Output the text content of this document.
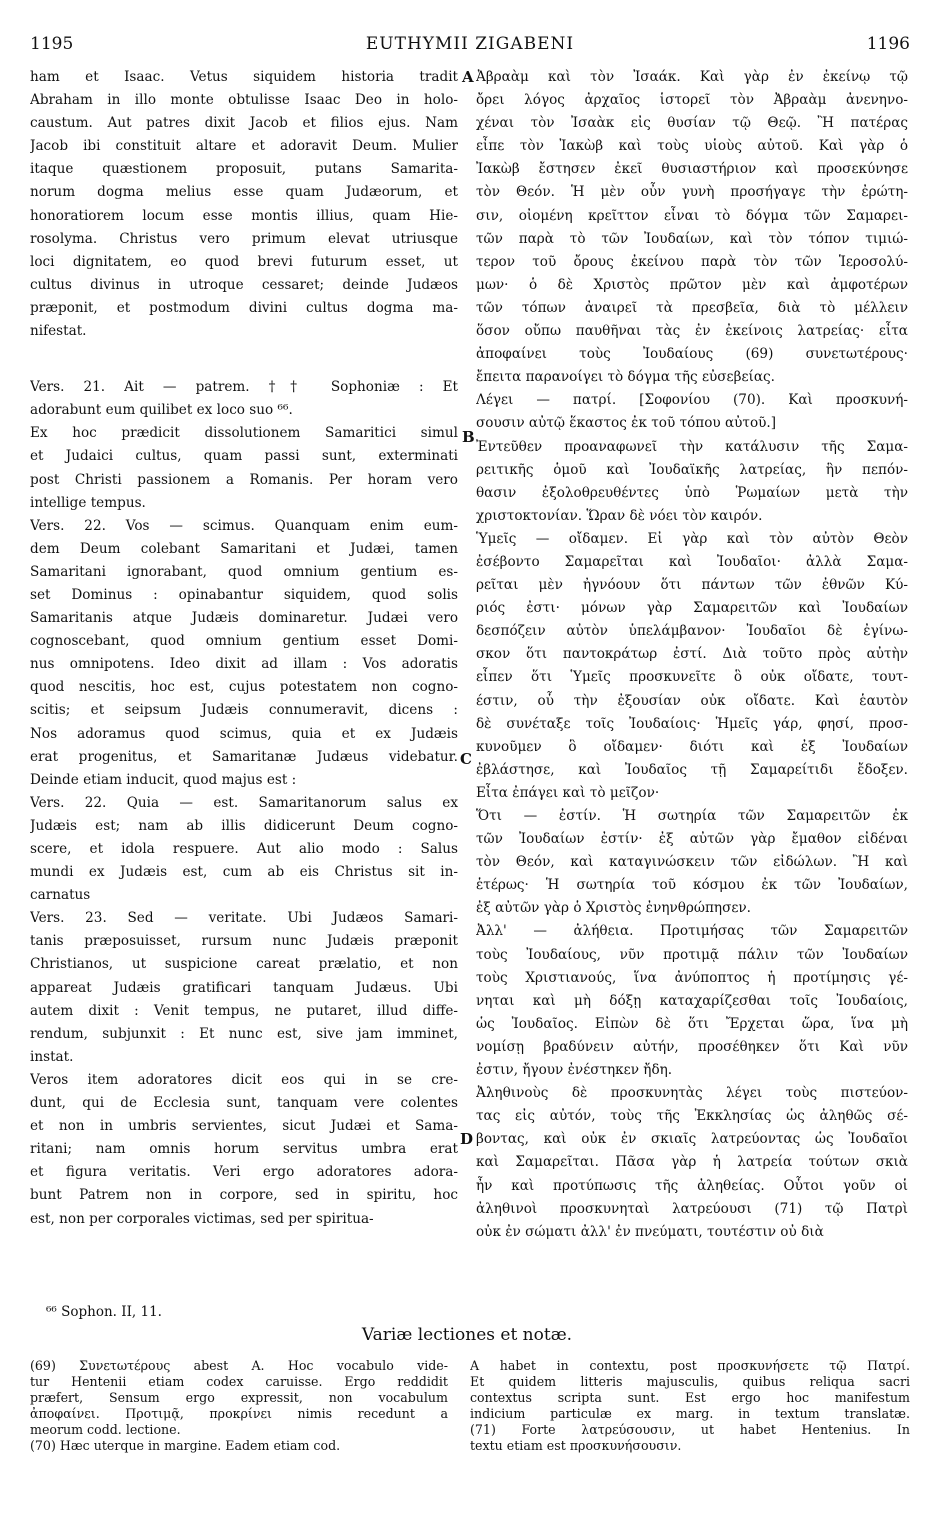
1195	EUTHYMII ZIGABENI	1196
ham et Isaac. Vetus siquidem historia tradit
Abraham in illo monte obtulisse Isaac Deo in holo-
caustum. Aut patres dixit Jacob et filios ejus. Nam
Jacob ibi constituit altare et adoravit Deum. Mulier
itaque quæstionem proposuit, putans Samarita-
norum dogma melius esse quam Judæorum, et
honoratiorem locum esse montis illius, quam Hie-
rosolyma. Christus vero primum elevat utriusque
loci dignitatem, eo quod brevi futurum esset, ut
cultus divinus in utroque cessaret; deinde Judæos
præponit, et postmodum divini cultus dogma ma-
nifestat.
Vers. 21. Ait — patrem. †† Sophoniæ : Et
adorabunt eum quilibet ex loco suo ⁶⁶.
Ex hoc prædicit dissolutionem Samaritici simul
et Judaici cultus, quam passi sunt, exterminati
post Christi passionem a Romanis. Per horam vero
intellige tempus.
Vers. 22. Vos — scimus. Quanquam enim eum-
dem Deum colebant Samaritani et Judæi, tamen
Samaritani ignorabant, quod omnium gentium es-
set Dominus : opinabantur siquidem, quod solis
Samaritanis atque Judæis dominaretur. Judæi vero
cognoscebant, quod omnium gentium esset Domi-
nus omnipotens. Ideo dixit ad illam : Vos adoratis
quod nescitis, hoc est, cujus potestatem non cogno-
scitis; et seipsum Judæis connumeravit, dicens :
Nos adoramus quod scimus, quia et ex Judæis
erat progenitus, et Samaritanæ Judæus videbatur.
Deinde etiam inducit, quod majus est :
Vers. 22. Quia — est. Samaritanorum salus ex
Judæis est; nam ab illis didicerunt Deum cogno-
scere, et idola respuere. Aut alio modo : Salus
mundi ex Judæis est, cum ab eis Christus sit in-
carnatus
Vers. 23. Sed — veritate. Ubi Judæos Samari-
tanis præposuisset, rursum nunc Judæis præponit
Christianos, ut suspicione careat prælatio, et non
appareat Judæis gratificari tanquam Judæus. Ubi
autem dixit : Venit tempus, ne putaret, illud diffe-
rendum, subjunxit : Et nunc est, sive jam imminet,
instat.
Veros item adoratores dicit eos qui in se cre-
dunt, qui de Ecclesia sunt, tanquam vere colentes
et non in umbris servientes, sicut Judæi et Sama-
ritani; nam omnis horum servitus umbra erat
et figura veritatis. Veri ergo adoratores adora-
bunt Patrem non in corpore, sed in spiritu, hoc
est, non per corporales victimas, sed per spiritua-
Ἀβραὰμ καὶ τὸν Ἰσαάκ. Καὶ γὰρ ἐν ἐκείνῳ τῷ
ὄρει λόγος ἀρχαῖος ἱστορεῖ τὸν Ἀβραὰμ ἀνενηνο-
χέναι τὸν Ἰσαὰκ εἰς θυσίαν τῷ Θεῷ. Ἢ πατέρας
εἶπε τὸν Ἰακὼβ καὶ τοὺς υἱοὺς αὐτοῦ. Καὶ γὰρ ὁ
Ἰακὼβ ἔστησεν ἐκεῖ θυσιαστήριον καὶ προσεκύνησε
τὸν Θεόν. Ἡ μὲν οὖν γυνὴ προσήγαγε τὴν ἐρώτη-
σιν, οἰομένη κρεῖττον εἶναι τὸ δόγμα τῶν Σαμαρει-
τῶν παρὰ τὸ τῶν Ἰουδαίων, καὶ τὸν τόπον τιμιώ-
τερον τοῦ ὄρους ἐκείνου παρὰ τὸν τῶν Ἱεροσολύ-
μων· ὁ δὲ Χριστὸς πρῶτον μὲν καὶ ἀμφοτέρων
τῶν τόπων ἀναιρεῖ τὰ πρεσβεῖα, διὰ τὸ μέλλειν
ὅσον οὔπω παυθῆναι τὰς ἐν ἐκείνοις λατρείας· εἶτα
ἀποφαίνει τοὺς Ἰουδαίους (69) συνετωτέρους·
ἔπειτα παρανοίγει τὸ δόγμα τῆς εὐσεβείας.
Λέγει — πατρί. [Σοφονίου (70). Καὶ προσκυνή-
σουσιν αὐτῷ ἕκαστος ἐκ τοῦ τόπου αὐτοῦ.]
Ἐντεῦθεν προαναφωνεῖ τὴν κατάλυσιν τῆς Σαμα-
ρειτικῆς ὁμοῦ καὶ Ἰουδαϊκῆς λατρείας, ἣν πεπόν-
θασιν ἐξολοθρευθέντες ὑπὸ Ῥωμαίων μετὰ τὴν
χριστοκτονίαν. Ὥραν δὲ νόει τὸν καιρόν.
Ὑμεῖς — οἴδαμεν. Εἰ γὰρ καὶ τὸν αὐτὸν Θεὸν
ἐσέβοντο Σαμαρεῖται καὶ Ἰουδαῖοι· ἀλλὰ Σαμα-
ρεῖται μὲν ἠγνόουν ὅτι πάντων τῶν ἐθνῶν Κύ-
ριός ἐστι· μόνων γὰρ Σαμαρειτῶν καὶ Ἰουδαίων
δεσπόζειν αὐτὸν ὑπελάμβανον· Ἰουδαῖοι δὲ ἐγίνω-
σκον ὅτι παντοκράτωρ ἐστί. Διὰ τοῦτο πρὸς αὐτὴν
εἶπεν ὅτι Ὑμεῖς προσκυνεῖτε ὃ οὐκ οἴδατε, τουτ-
έστιν, οὗ τὴν ἐξουσίαν οὐκ οἴδατε. Καὶ ἑαυτὸν
δὲ συνέταξε τοῖς Ἰουδαίοις· Ἡμεῖς γάρ, φησί, προσ-
κυνοῦμεν ὃ οἴδαμεν· διότι καὶ ἐξ Ἰουδαίων
ἐβλάστησε, καὶ Ἰουδαῖος τῇ Σαμαρείτιδι ἔδοξεν.
Εἶτα ἐπάγει καὶ τὸ μεῖζον·
Ὅτι — ἐστίν. Ἡ σωτηρία τῶν Σαμαρειτῶν ἐκ
τῶν Ἰουδαίων ἐστίν· ἐξ αὐτῶν γὰρ ἔμαθον εἰδέναι
τὸν Θεόν, καὶ καταγινώσκειν τῶν εἰδώλων. Ἢ καὶ
ἑτέρως· Ἡ σωτηρία τοῦ κόσμου ἐκ τῶν Ἰουδαίων,
ἐξ αὐτῶν γὰρ ὁ Χριστὸς ἐνηνθρώπησεν.
Ἀλλ' — ἀλήθεια. Προτιμήσας τῶν Σαμαρειτῶν
τοὺς Ἰουδαίους, νῦν προτιμᾷ πάλιν τῶν Ἰουδαίων
τοὺς Χριστιανούς, ἵνα ἀνύποπτος ἡ προτίμησις γέ-
νηται καὶ μὴ δόξῃ καταχαρίζεσθαι τοῖς Ἰουδαίοις,
ὡς Ἰουδαῖος. Εἰπὼν δὲ ὅτι Ἔρχεται ὥρα, ἵνα μὴ
νομίσῃ βραδύνειν αὐτήν, προσέθηκεν ὅτι Καὶ νῦν
ἐστιν, ἤγουν ἐνέστηκεν ἤδη.
Ἀληθινοὺς δὲ προσκυνητὰς λέγει τοὺς πιστεύον-
τας εἰς αὐτόν, τοὺς τῆς Ἐκκλησίας ὡς ἀληθῶς σέ-
βοντας, καὶ οὐκ ἐν σκιαῖς λατρεύοντας ὡς Ἰουδαῖοι
καὶ Σαμαρεῖται. Πᾶσα γὰρ ἡ λατρεία τούτων σκιὰ
ἦν καὶ προτύπωσις τῆς ἀληθείας. Οὗτοι γοῦν οἱ
ἀληθινοὶ προσκυνηταὶ λατρεύουσι (71) τῷ Πατρὶ
οὐκ ἐν σώματι ἀλλ' ἐν πνεύματι, τουτέστιν οὐ διὰ
A
B
C
D
⁶⁶ Sophon. II, 11.
Variæ lectiones et notæ.
(69) Συνετωτέρους abest A. Hoc vocabulo vide-
tur Hentenii etiam codex caruisse. Ergo reddidit
præfert, Sensum ergo expressit, non vocabulum
ἀποφαίνει. Προτιμᾷ, προκρίνει nimis recedunt a
meorum codd. lectione.
(70) Hæc uterque in margine. Eadem etiam cod.
A habet in contextu, post προσκυνήσετε τῷ Πατρί.
Et quidem litteris majusculis, quibus reliqua sacri
contextus scripta sunt. Est ergo hoc manifestum
indicium particulæ ex marg. in textum translatæ.
(71) Forte λατρεύσουσιν, ut habet Hentenius. In
textu etiam est προσκυνήσουσιν.
